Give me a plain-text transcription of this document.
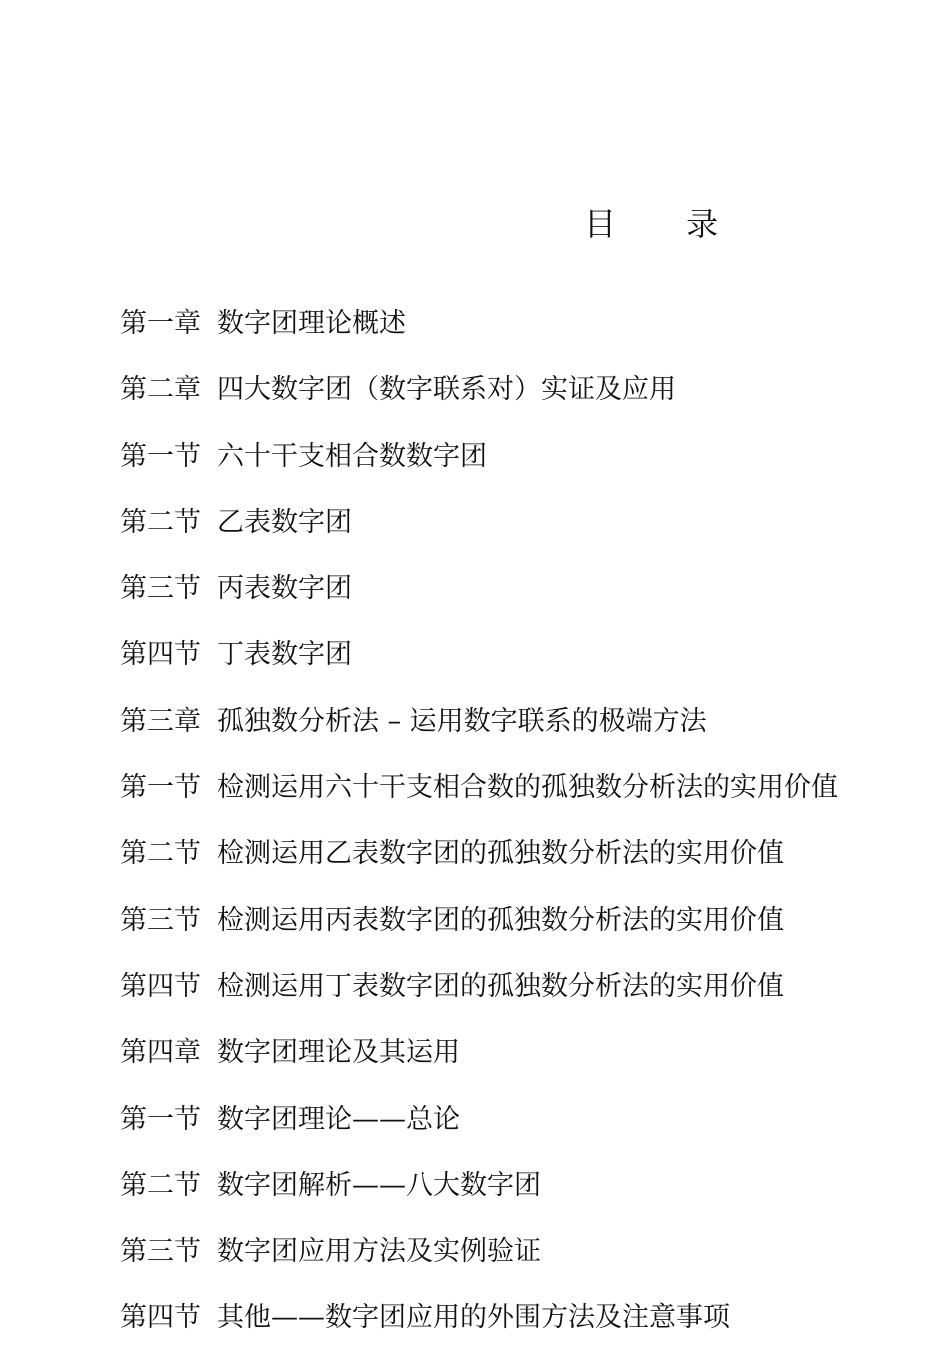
目 录
第一章 数字团理论概述
第二章 四大数字团（数字联系对）实证及应用
第一节 六十干支相合数数字团
第二节 乙表数字团
第三节 丙表数字团
第四节 丁表数字团
第三章 孤独数分析法 – 运用数字联系的极端方法
第一节 检测运用六十干支相合数的孤独数分析法的实用价值
第二节 检测运用乙表数字团的孤独数分析法的实用价值
第三节 检测运用丙表数字团的孤独数分析法的实用价值
第四节 检测运用丁表数字团的孤独数分析法的实用价值
第四章 数字团理论及其运用
第一节 数字团理论——总论
第二节 数字团解析——八大数字团
第三节 数字团应用方法及实例验证
第四节 其他——数字团应用的外围方法及注意事项
